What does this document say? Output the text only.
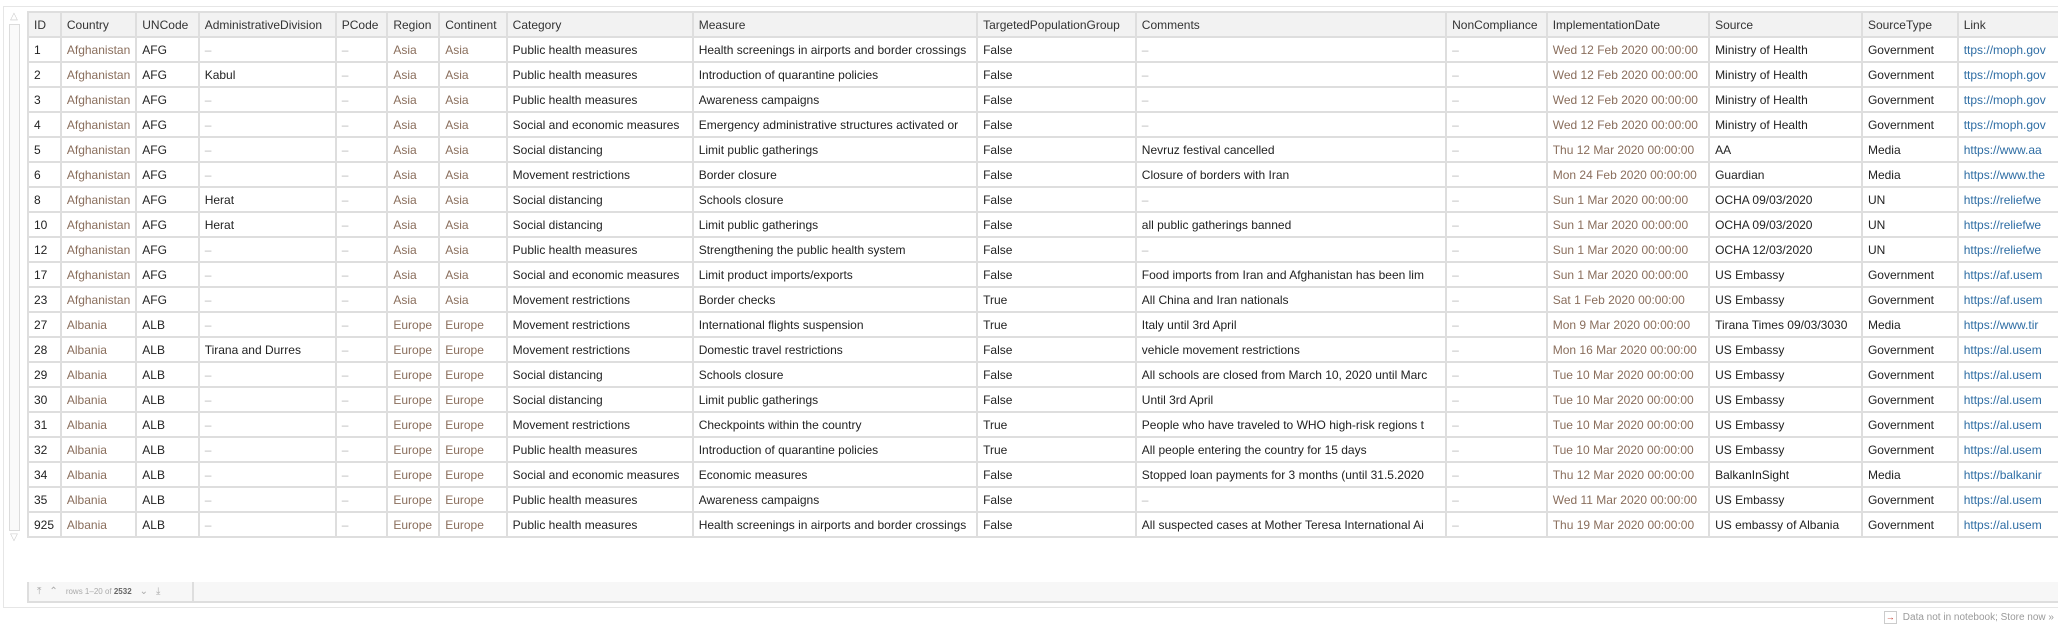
△
▽
ID	Country	UNCode	AdministrativeDivision	PCode	Region	Continent	Category	Measure	TargetedPopulationGroup	Comments	NonCompliance	ImplementationDate	Source	SourceType	Link
1	Afghanistan	AFG	–	–	Asia	Asia	Public health measures	Health screenings in airports and border crossings	False	–	–	Wed 12 Feb 2020 00:00:00	Ministry of Health	Government	ttps://moph.gov
2	Afghanistan	AFG	Kabul	–	Asia	Asia	Public health measures	Introduction of quarantine policies	False	–	–	Wed 12 Feb 2020 00:00:00	Ministry of Health	Government	ttps://moph.gov
3	Afghanistan	AFG	–	–	Asia	Asia	Public health measures	Awareness campaigns	False	–	–	Wed 12 Feb 2020 00:00:00	Ministry of Health	Government	ttps://moph.gov
4	Afghanistan	AFG	–	–	Asia	Asia	Social and economic measures	Emergency administrative structures activated or	False	–	–	Wed 12 Feb 2020 00:00:00	Ministry of Health	Government	ttps://moph.gov
5	Afghanistan	AFG	–	–	Asia	Asia	Social distancing	Limit public gatherings	False	Nevruz festival cancelled	–	Thu 12 Mar 2020 00:00:00	AA	Media	https://www.aa
6	Afghanistan	AFG	–	–	Asia	Asia	Movement restrictions	Border closure	False	Closure of borders with Iran	–	Mon 24 Feb 2020 00:00:00	Guardian	Media	https://www.the
8	Afghanistan	AFG	Herat	–	Asia	Asia	Social distancing	Schools closure	False	–	–	Sun 1 Mar 2020 00:00:00	OCHA 09/03/2020	UN	https://reliefwe
10	Afghanistan	AFG	Herat	–	Asia	Asia	Social distancing	Limit public gatherings	False	all public gatherings banned	–	Sun 1 Mar 2020 00:00:00	OCHA 09/03/2020	UN	https://reliefwe
12	Afghanistan	AFG	–	–	Asia	Asia	Public health measures	Strengthening the public health system	False	–	–	Sun 1 Mar 2020 00:00:00	OCHA 12/03/2020	UN	https://reliefwe
17	Afghanistan	AFG	–	–	Asia	Asia	Social and economic measures	Limit product imports/exports	False	Food imports from Iran and Afghanistan has been lim	–	Sun 1 Mar 2020 00:00:00	US Embassy	Government	https://af.usem
23	Afghanistan	AFG	–	–	Asia	Asia	Movement restrictions	Border checks	True	All China and Iran nationals	–	Sat 1 Feb 2020 00:00:00	US Embassy	Government	https://af.usem
27	Albania	ALB	–	–	Europe	Europe	Movement restrictions	International flights suspension	True	Italy until 3rd April	–	Mon 9 Mar 2020 00:00:00	Tirana Times 09/03/3030	Media	https://www.tir
28	Albania	ALB	Tirana and Durres	–	Europe	Europe	Movement restrictions	Domestic travel restrictions	False	vehicle movement restrictions	–	Mon 16 Mar 2020 00:00:00	US Embassy	Government	https://al.usem
29	Albania	ALB	–	–	Europe	Europe	Social distancing	Schools closure	False	All schools are closed from March 10, 2020 until Marc	–	Tue 10 Mar 2020 00:00:00	US Embassy	Government	https://al.usem
30	Albania	ALB	–	–	Europe	Europe	Social distancing	Limit public gatherings	False	Until 3rd April	–	Tue 10 Mar 2020 00:00:00	US Embassy	Government	https://al.usem
31	Albania	ALB	–	–	Europe	Europe	Movement restrictions	Checkpoints within the country	True	People who have traveled to WHO high-risk regions t	–	Tue 10 Mar 2020 00:00:00	US Embassy	Government	https://al.usem
32	Albania	ALB	–	–	Europe	Europe	Public health measures	Introduction of quarantine policies	True	All people entering the country for 15 days	–	Tue 10 Mar 2020 00:00:00	US Embassy	Government	https://al.usem
34	Albania	ALB	–	–	Europe	Europe	Social and economic measures	Economic measures	False	Stopped loan payments for 3 months (until 31.5.2020	–	Thu 12 Mar 2020 00:00:00	BalkanInSight	Media	https://balkanir
35	Albania	ALB	–	–	Europe	Europe	Public health measures	Awareness campaigns	False	–	–	Wed 11 Mar 2020 00:00:00	US Embassy	Government	https://al.usem
925	Albania	ALB	–	–	Europe	Europe	Public health measures	Health screenings in airports and border crossings	False	All suspected cases at Mother Teresa International Ai	–	Thu 19 Mar 2020 00:00:00	US embassy of Albania	Government	https://al.usem
⤒ ⌃ rows 1–20 of 2532 ⌄ ⤓
→ Data not in notebook; Store now »
